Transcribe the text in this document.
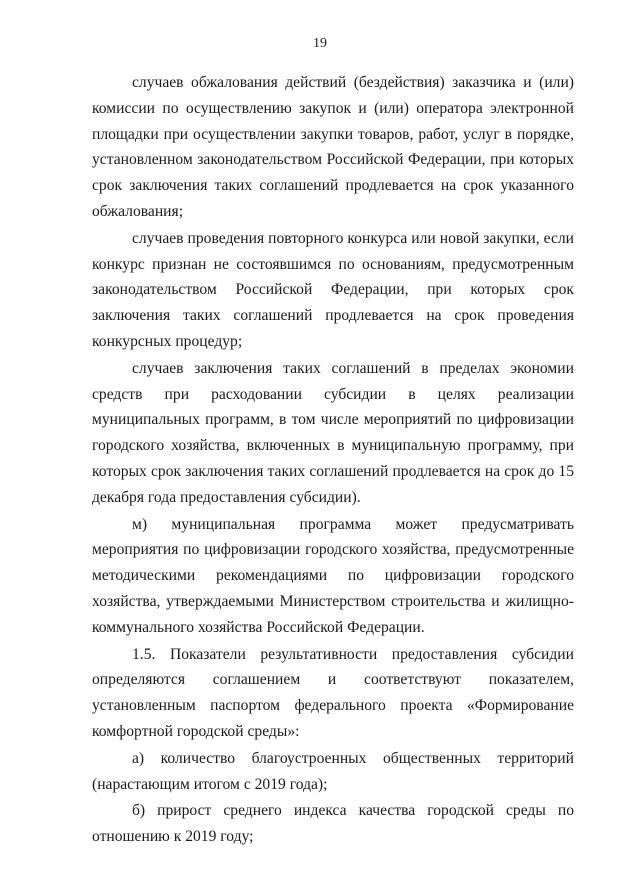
19

случаев обжалования действий (бездействия) заказчика и (или) комиссии по осуществлению закупок и (или) оператора электронной площадки при осуществлении закупки товаров, работ, услуг в порядке, установленном законодательством Российской Федерации, при которых срок заключения таких соглашений продлевается на срок указанного обжалования;

случаев проведения повторного конкурса или новой закупки, если конкурс признан не состоявшимся по основаниям, предусмотренным законодательством Российской Федерации, при которых срок заключения таких соглашений продлевается на срок проведения конкурсных процедур;

случаев заключения таких соглашений в пределах экономии средств при расходовании субсидии в целях реализации муниципальных программ, в том числе мероприятий по цифровизации городского хозяйства, включенных в муниципальную программу, при которых срок заключения таких соглашений продлевается на срок до 15 декабря года предоставления субсидии).

м) муниципальная программа может предусматривать мероприятия по цифровизации городского хозяйства, предусмотренные методическими рекомендациями по цифровизации городского хозяйства, утверждаемыми Министерством строительства и жилищно-коммунального хозяйства Российской Федерации.

1.5. Показатели результативности предоставления субсидии определяются соглашением и соответствуют показателем, установленным паспортом федерального проекта «Формирование комфортной городской среды»:

а) количество благоустроенных общественных территорий (нарастающим итогом с 2019 года);

б) прирост среднего индекса качества городской среды по отношению к 2019 году;
